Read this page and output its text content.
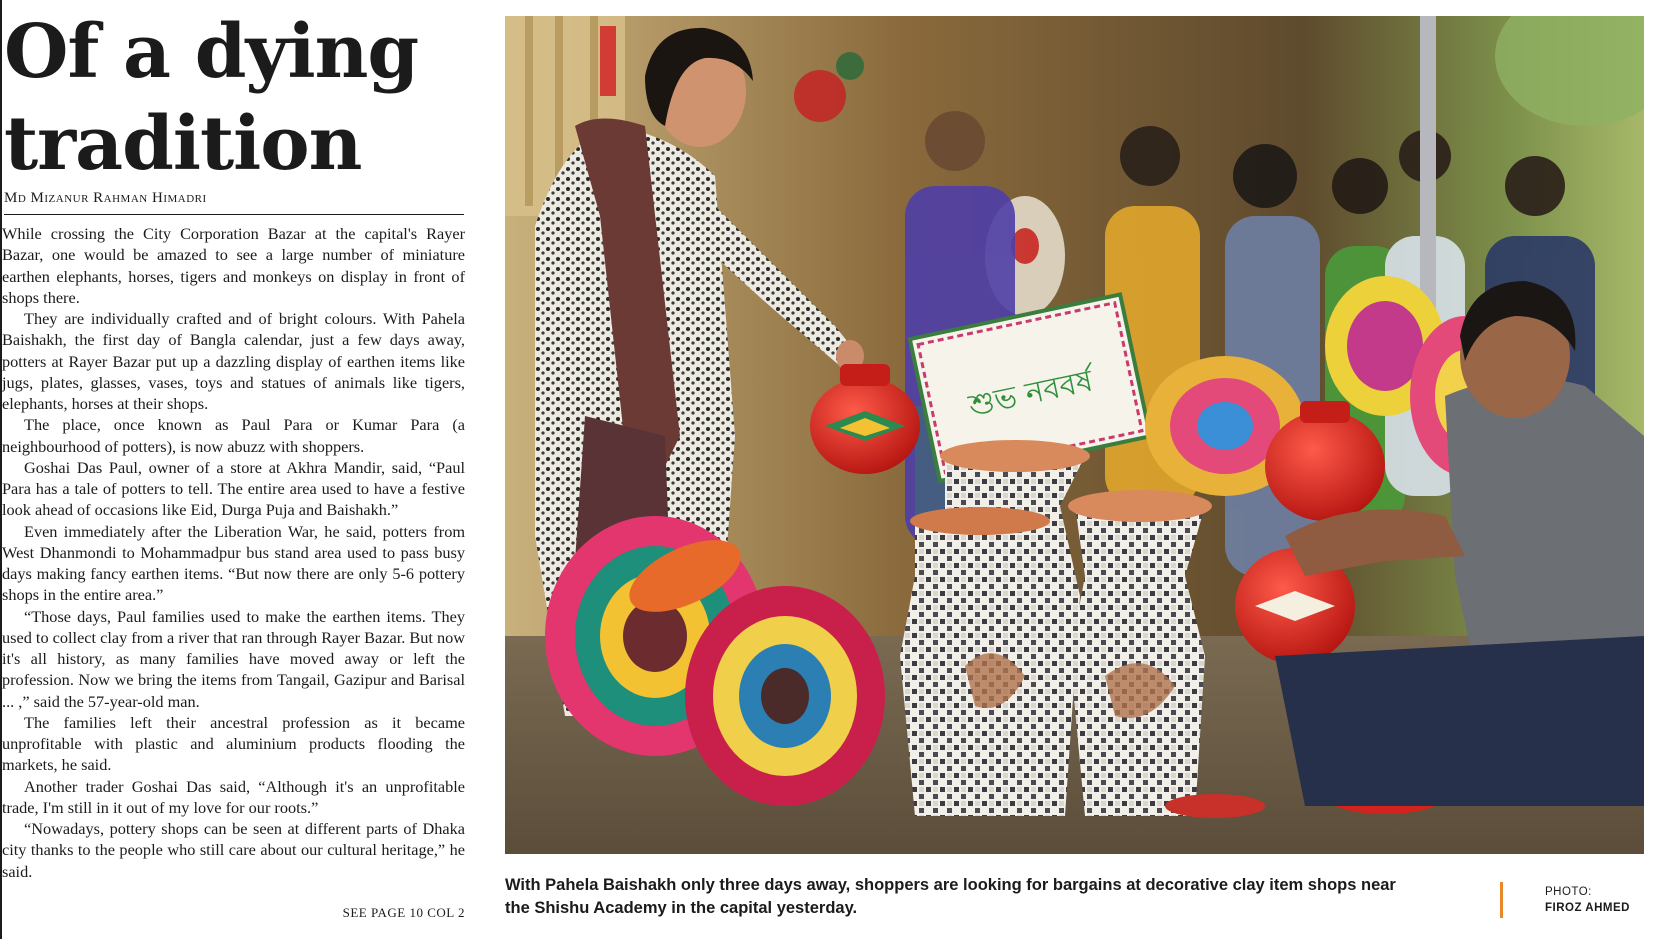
Of a dying
tradition
Md Mizanur Rahman Himadri

While crossing the City Corporation Bazar at the capital's Rayer Bazar, one would be amazed to see a large number of miniature earthen elephants, horses, tigers and monkeys on display in front of shops there.

They are individually crafted and of bright colours. With Pahela Baishakh, the first day of Bangla calendar, just a few days away, potters at Rayer Bazar put up a dazzling display of earthen items like jugs, plates, glasses, vases, toys and statues of animals like tigers, elephants, horses at their shops.

The place, once known as Paul Para or Kumar Para (a neighbourhood of potters), is now abuzz with shoppers.

Goshai Das Paul, owner of a store at Akhra Mandir, said, “Paul Para has a tale of potters to tell. The entire area used to have a festive look ahead of occasions like Eid, Durga Puja and Baishakh.”

Even immediately after the Liberation War, he said, potters from West Dhanmondi to Mohammadpur bus stand area used to pass busy days making fancy earthen items. “But now there are only 5-6 pottery shops in the entire area.”

“Those days, Paul families used to make the earthen items. They used to collect clay from a river that ran through Rayer Bazar. But now it's all history, as many families have moved away or left the profession. Now we bring the items from Tangail, Gazipur and Barisal ... ,” said the 57-year-old man.

The families left their ancestral profession as it became unprofitable with plastic and aluminium products flooding the markets, he said.

Another trader Goshai Das said, “Although it's an unprofitable trade, I'm still in it out of my love for our roots.”

“Nowadays, pottery shops can be seen at different parts of Dhaka city thanks to the people who still care about our cultural heritage,” he said.

SEE PAGE 10 COL 2
শুভ নববর্ষ
With Pahela Baishakh only three days away, shoppers are looking for bargains at decorative clay item shops near the Shishu Academy in the capital yesterday.
PHOTO:
FIROZ AHMED
